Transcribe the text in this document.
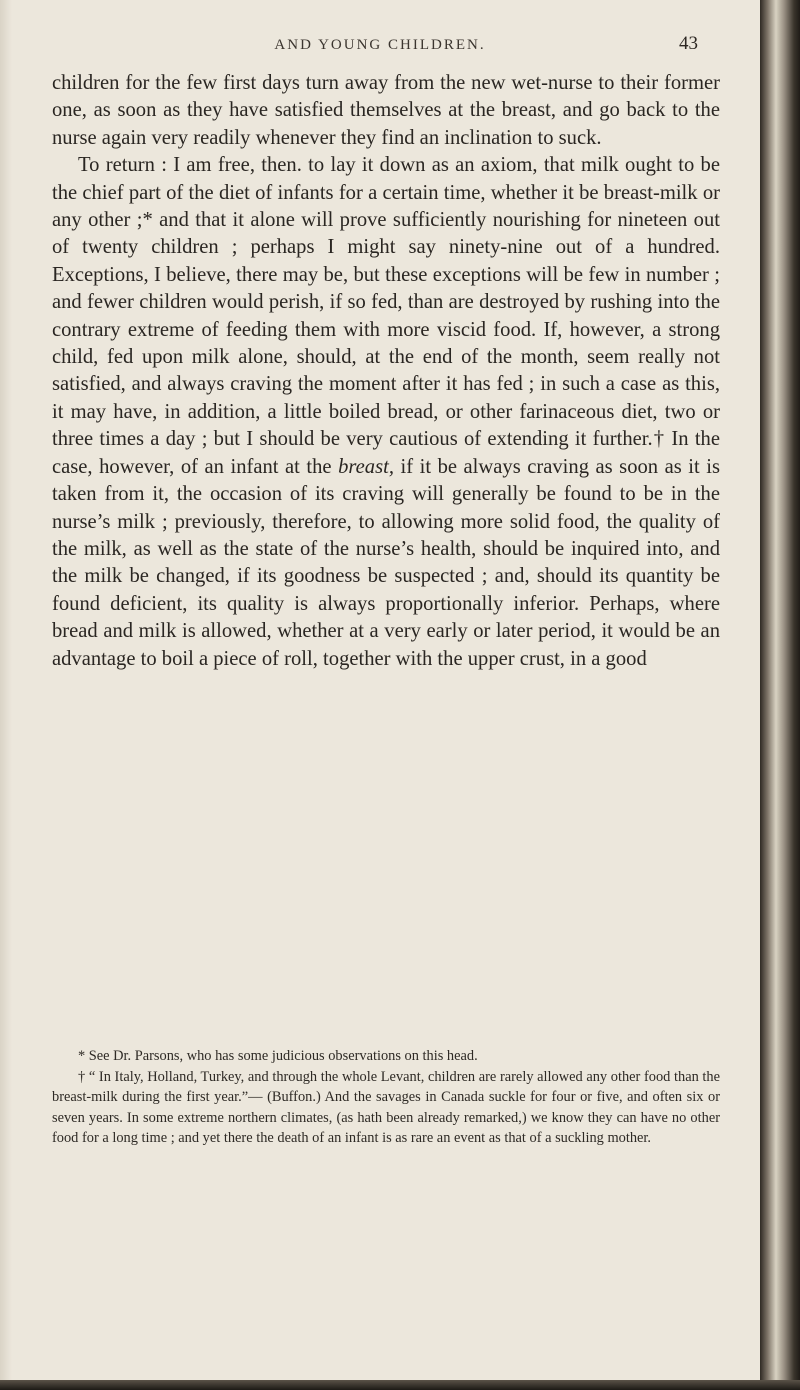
AND YOUNG CHILDREN.	43

children for the few first days turn away from the new wet-nurse to their former one, as soon as they have satisfied themselves at the breast, and go back to the nurse again very readily whenever they find an inclination to suck.

To return : I am free, then. to lay it down as an axiom, that milk ought to be the chief part of the diet of infants for a certain time, whether it be breast-milk or any other ;* and that it alone will prove sufficiently nourishing for nineteen out of twenty children ; perhaps I might say ninety-nine out of a hundred. Exceptions, I believe, there may be, but these exceptions will be few in number ; and fewer children would perish, if so fed, than are destroyed by rushing into the contrary extreme of feeding them with more viscid food. If, however, a strong child, fed upon milk alone, should, at the end of the month, seem really not satisfied, and always craving the moment after it has fed ; in such a case as this, it may have, in addition, a little boiled bread, or other farinaceous diet, two or three times a day ; but I should be very cautious of extending it further.† In the case, however, of an infant at the breast, if it be always craving as soon as it is taken from it, the occasion of its craving will generally be found to be in the nurse’s milk ; previously, therefore, to allowing more solid food, the quality of the milk, as well as the state of the nurse’s health, should be inquired into, and the milk be changed, if its goodness be suspected ; and, should its quantity be found deficient, its quality is always proportionally inferior. Perhaps, where bread and milk is allowed, whether at a very early or later period, it would be an advantage to boil a piece of roll, together with the upper crust, in a good

* See Dr. Parsons, who has some judicious observations on this head.

† “ In Italy, Holland, Turkey, and through the whole Levant, children are rarely allowed any other food than the breast-milk during the first year.”— (Buffon.) And the savages in Canada suckle for four or five, and often six or seven years. In some extreme northern climates, (as hath been already remarked,) we know they can have no other food for a long time ; and yet there the death of an infant is as rare an event as that of a suckling mother.
